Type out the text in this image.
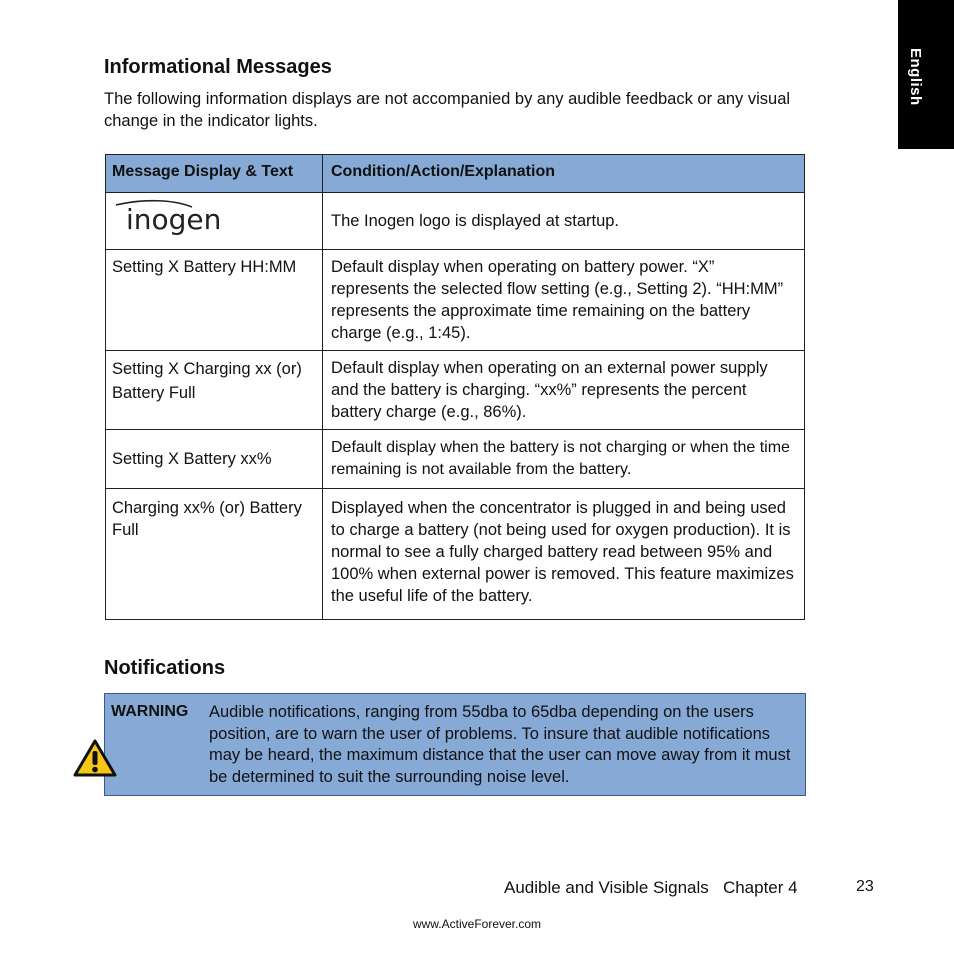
English
Informational Messages

The following information displays are not accompanied by any audible feedback or any visual change in the indicator lights.

Message Display & Text	Condition/Action/Explanation

inogen	The Inogen logo is displayed at startup.
Setting X Battery HH:MM	Default display when operating on battery power. “X” represents the selected flow setting (e.g., Setting 2). “HH:MM” represents the approximate time remaining on the battery charge (e.g., 1:45).
Setting X Charging xx (or) Battery Full	Default display when operating on an external power supply and the battery is charging. “xx%” represents the percent battery charge (e.g., 86%).
Setting X Battery xx%	Default display when the battery is not charging or when the time remaining is not available from the battery.
Charging xx% (or) Battery Full	Displayed when the concentrator is plugged in and being used to charge a battery (not being used for oxygen production). It is normal to see a fully charged battery read between 95% and 100% when external power is removed. This feature maximizes the useful life of the battery.
Notifications
WARNING Audible notifications, ranging from 55dba to 65dba depending on the users position, are to warn the user of problems. To insure that audible notifications may be heard, the maximum distance that the user can move away from it must be determined to suit the surrounding noise level.

Audible and Visible Signals   Chapter 4	23
www.ActiveForever.com
